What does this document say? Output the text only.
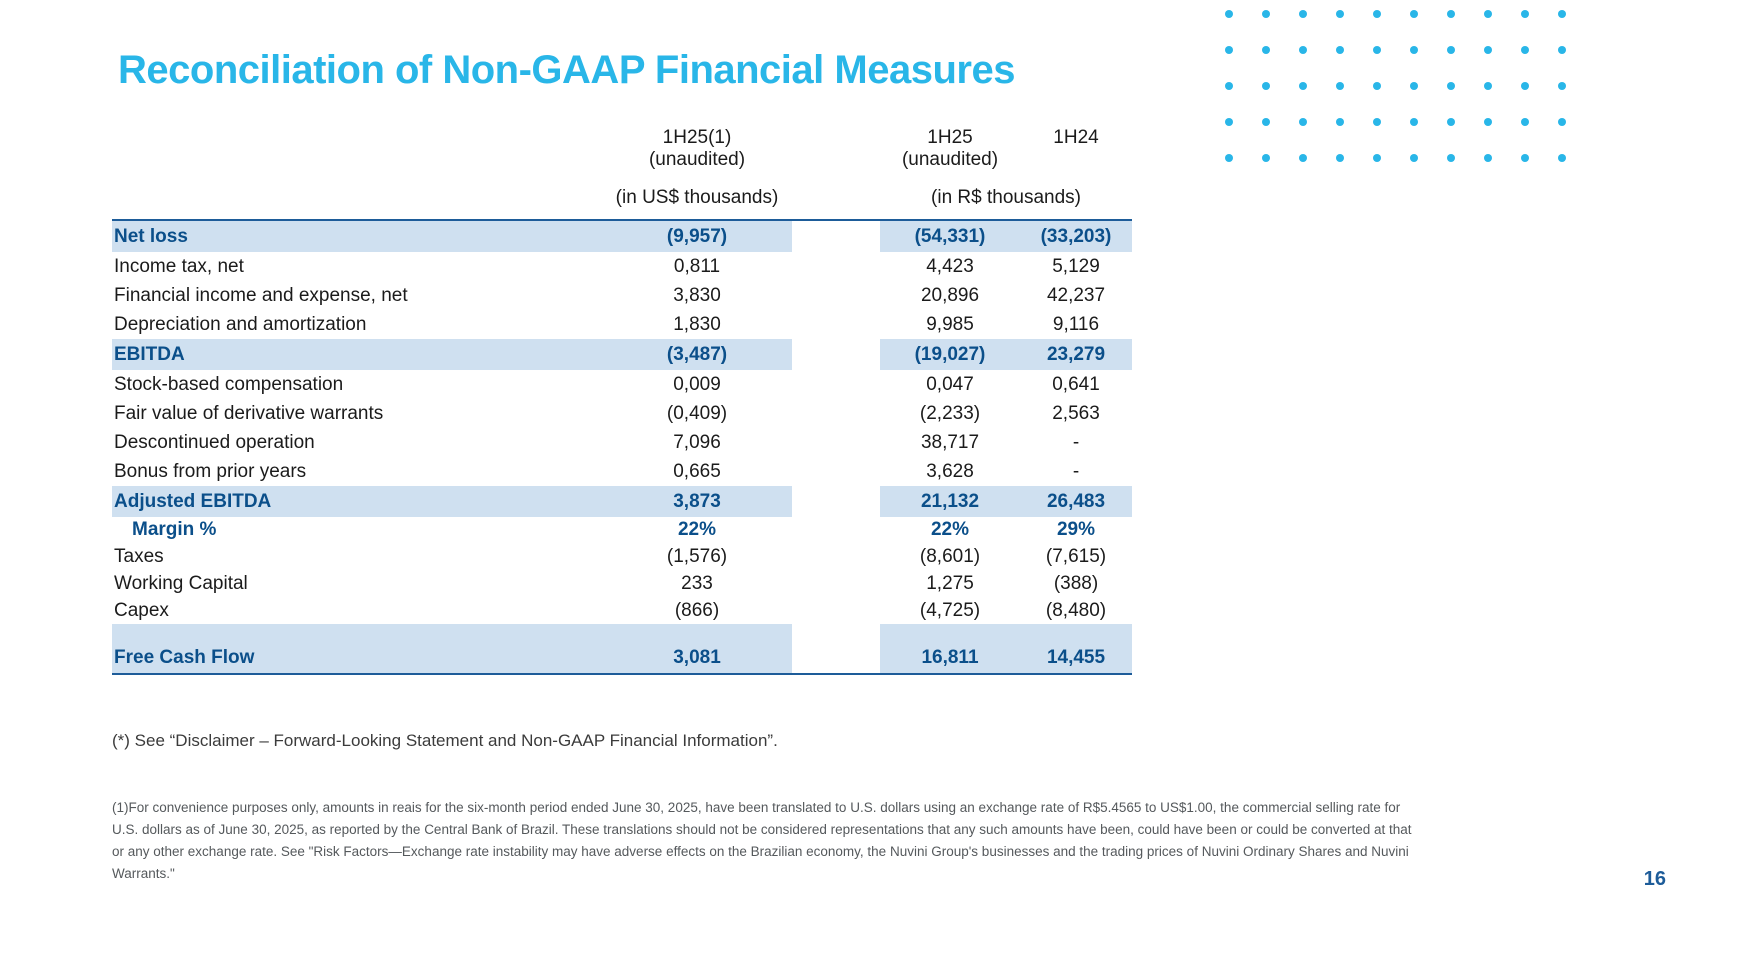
Reconciliation of Non-GAAP Financial Measures
	1H25(1)		1H25	1H24
	(unaudited)		(unaudited)	
	(in US$ thousands)		(in R$ thousands)	
Net loss	(9,957)		(54,331)	(33,203)
Income tax, net	0,811		4,423	5,129
Financial income and expense, net	3,830		20,896	42,237
Depreciation and amortization	1,830		9,985	9,116
EBITDA	(3,487)		(19,027)	23,279
Stock-based compensation	0,009		0,047	0,641
Fair value of derivative warrants	(0,409)		(2,233)	2,563
Descontinued operation	7,096		38,717	-
Bonus from prior years	0,665		3,628	-
Adjusted EBITDA	3,873		21,132	26,483
Margin %	22%		22%	29%
Taxes	(1,576)		(8,601)	(7,615)
Working Capital	233		1,275	(388)
Capex	(866)		(4,725)	(8,480)

Free Cash Flow	3,081		16,811	14,455
(*) See “Disclaimer – Forward-Looking Statement and Non-GAAP Financial Information”.
(1)For convenience purposes only, amounts in reais for the six-month period ended June 30, 2025, have been translated to U.S. dollars using an exchange rate of R$5.4565 to US$1.00, the commercial selling rate for U.S. dollars as of June 30, 2025, as reported by the Central Bank of Brazil. These translations should not be considered representations that any such amounts have been, could have been or could be converted at that or any other exchange rate. See "Risk Factors—Exchange rate instability may have adverse effects on the Brazilian economy, the Nuvini Group's businesses and the trading prices of Nuvini Ordinary Shares and Nuvini Warrants."	16
